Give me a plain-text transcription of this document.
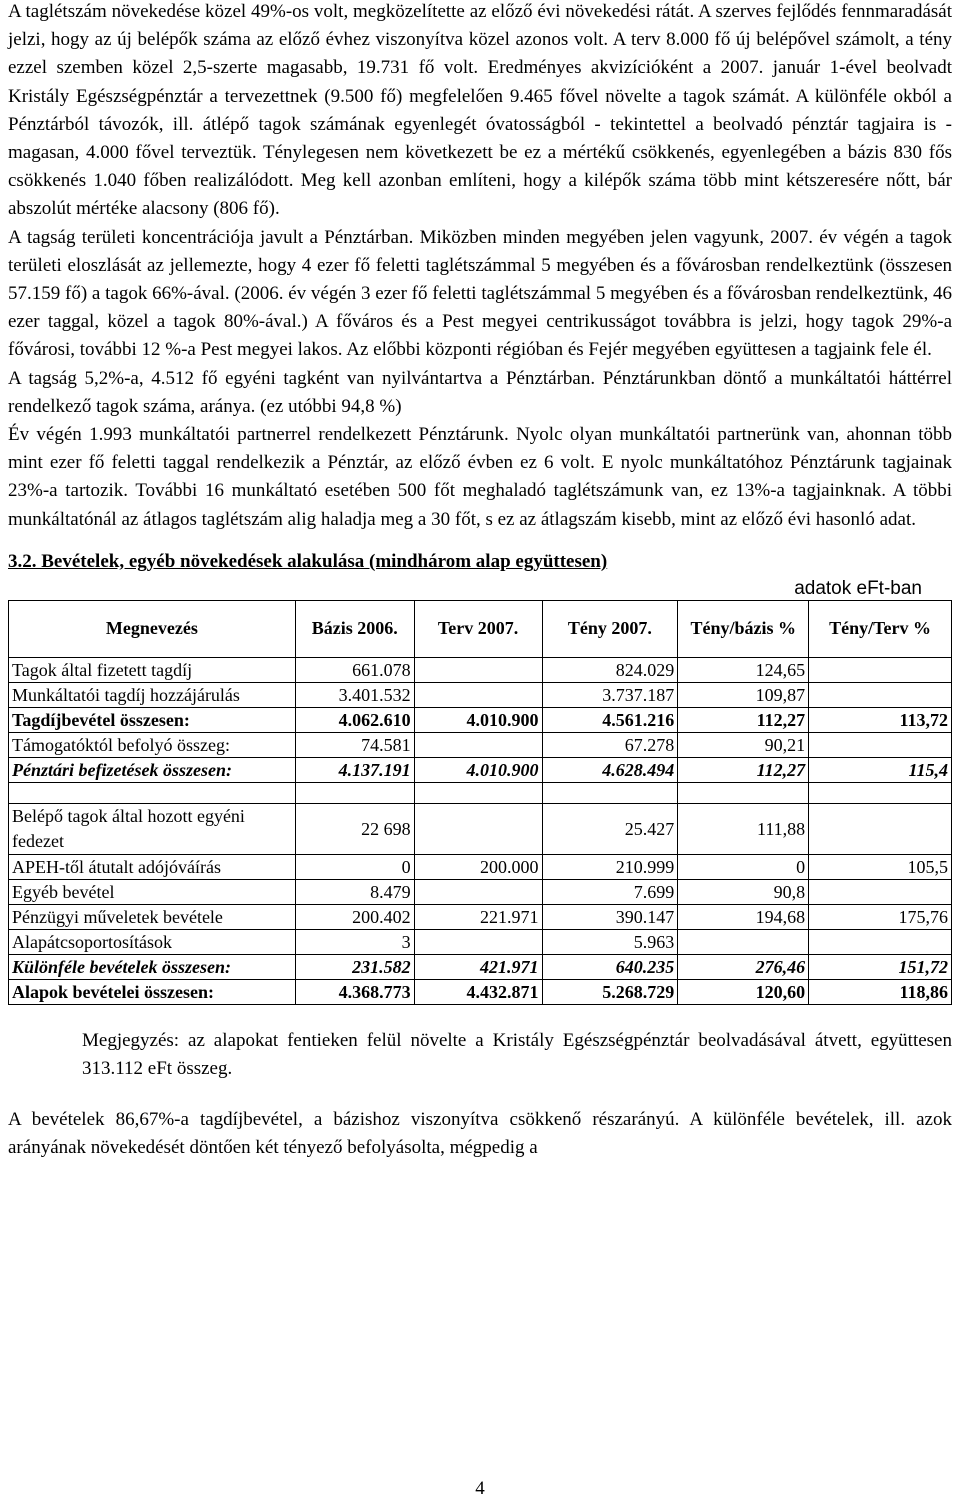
A taglétszám növekedése közel 49%-os volt, megközelítette az előző évi növekedési rátát. A szerves fejlődés fennmaradását jelzi, hogy az új belépők száma az előző évhez viszonyítva közel azonos volt. A terv 8.000 fő új belépővel számolt, a tény ezzel szemben közel 2,5-szerte magasabb, 19.731 fő volt. Eredményes akvizícióként a 2007. január 1-ével beolvadt Kristály Egészségpénztár a tervezettnek (9.500 fő) megfelelően 9.465 fővel növelte a tagok számát. A különféle okból a Pénztárból távozók, ill. átlépő tagok számának egyenlegét óvatosságból - tekintettel a beolvadó pénztár tagjaira is - magasan, 4.000 fővel terveztük. Ténylegesen nem következett be ez a mértékű csökkenés, egyenlegében a bázis 830 fős csökkenés 1.040 főben realizálódott. Meg kell azonban említeni, hogy a kilépők száma több mint kétszeresére nőtt, bár abszolút mértéke alacsony (806 fő).

A tagság területi koncentrációja javult a Pénztárban. Miközben minden megyében jelen vagyunk, 2007. év végén a tagok területi eloszlását az jellemezte, hogy 4 ezer fő feletti taglétszámmal 5 megyében és a fővárosban rendelkeztünk (összesen 57.159 fő) a tagok 66%-ával. (2006. év végén 3 ezer fő feletti taglétszámmal 5 megyében és a fővárosban rendelkeztünk, 46 ezer taggal, közel a tagok 80%-ával.) A főváros és a Pest megyei centrikusságot továbbra is jelzi, hogy tagok 29%-a fővárosi, további 12 %-a Pest megyei lakos. Az előbbi központi régióban és Fejér megyében együttesen a tagjaink fele él.

A tagság 5,2%-a, 4.512 fő egyéni tagként van nyilvántartva a Pénztárban. Pénztárunkban döntő a munkáltatói háttérrel rendelkező tagok száma, aránya. (ez utóbbi 94,8 %)

Év végén 1.993 munkáltatói partnerrel rendelkezett Pénztárunk. Nyolc olyan munkáltatói partnerünk van, ahonnan több mint ezer fő feletti taggal rendelkezik a Pénztár, az előző évben ez 6 volt. E nyolc munkáltatóhoz Pénztárunk tagjainak 23%-a tartozik. További 16 munkáltató esetében 500 főt meghaladó taglétszámunk van, ez 13%-a tagjainknak. A többi munkáltatónál az átlagos taglétszám alig haladja meg a 30 főt, s ez az átlagszám kisebb, mint az előző évi hasonló adat.

3.2. Bevételek, egyéb növekedések alakulása (mindhárom alap együttesen)

adatok eFt-ban
Megnevezés	Bázis 2006.	Terv 2007.	Tény 2007.	Tény/bázis %	Tény/Terv %
Tagok által fizetett tagdíj	661.078		824.029	124,65	
Munkáltatói tagdíj hozzájárulás	3.401.532		3.737.187	109,87	
Tagdíjbevétel összesen:	4.062.610	4.010.900	4.561.216	112,27	113,72
Támogatóktól befolyó összeg:	74.581		67.278	90,21	
Pénztári befizetések összesen:	4.137.191	4.010.900	4.628.494	112,27	115,4

Belépő tagok által hozott egyéni fedezet	22 698		25.427	111,88	
APEH-től átutalt adójóváírás	0	200.000	210.999	0	105,5
Egyéb bevétel	8.479		7.699	90,8	
Pénzügyi műveletek bevétele	200.402	221.971	390.147	194,68	175,76
Alapátcsoportosítások	3		5.963		
Különféle bevételek összesen:	231.582	421.971	640.235	276,46	151,72
Alapok bevételei összesen:	4.368.773	4.432.871	5.268.729	120,60	118,86

Megjegyzés: az alapokat fentieken felül növelte a Kristály Egészségpénztár beolvadásával átvett, együttesen 313.112 eFt összeg.

A bevételek 86,67%-a tagdíjbevétel, a bázishoz viszonyítva csökkenő részarányú. A különféle bevételek, ill. azok arányának növekedését döntően két tényező befolyásolta, mégpedig a

4
